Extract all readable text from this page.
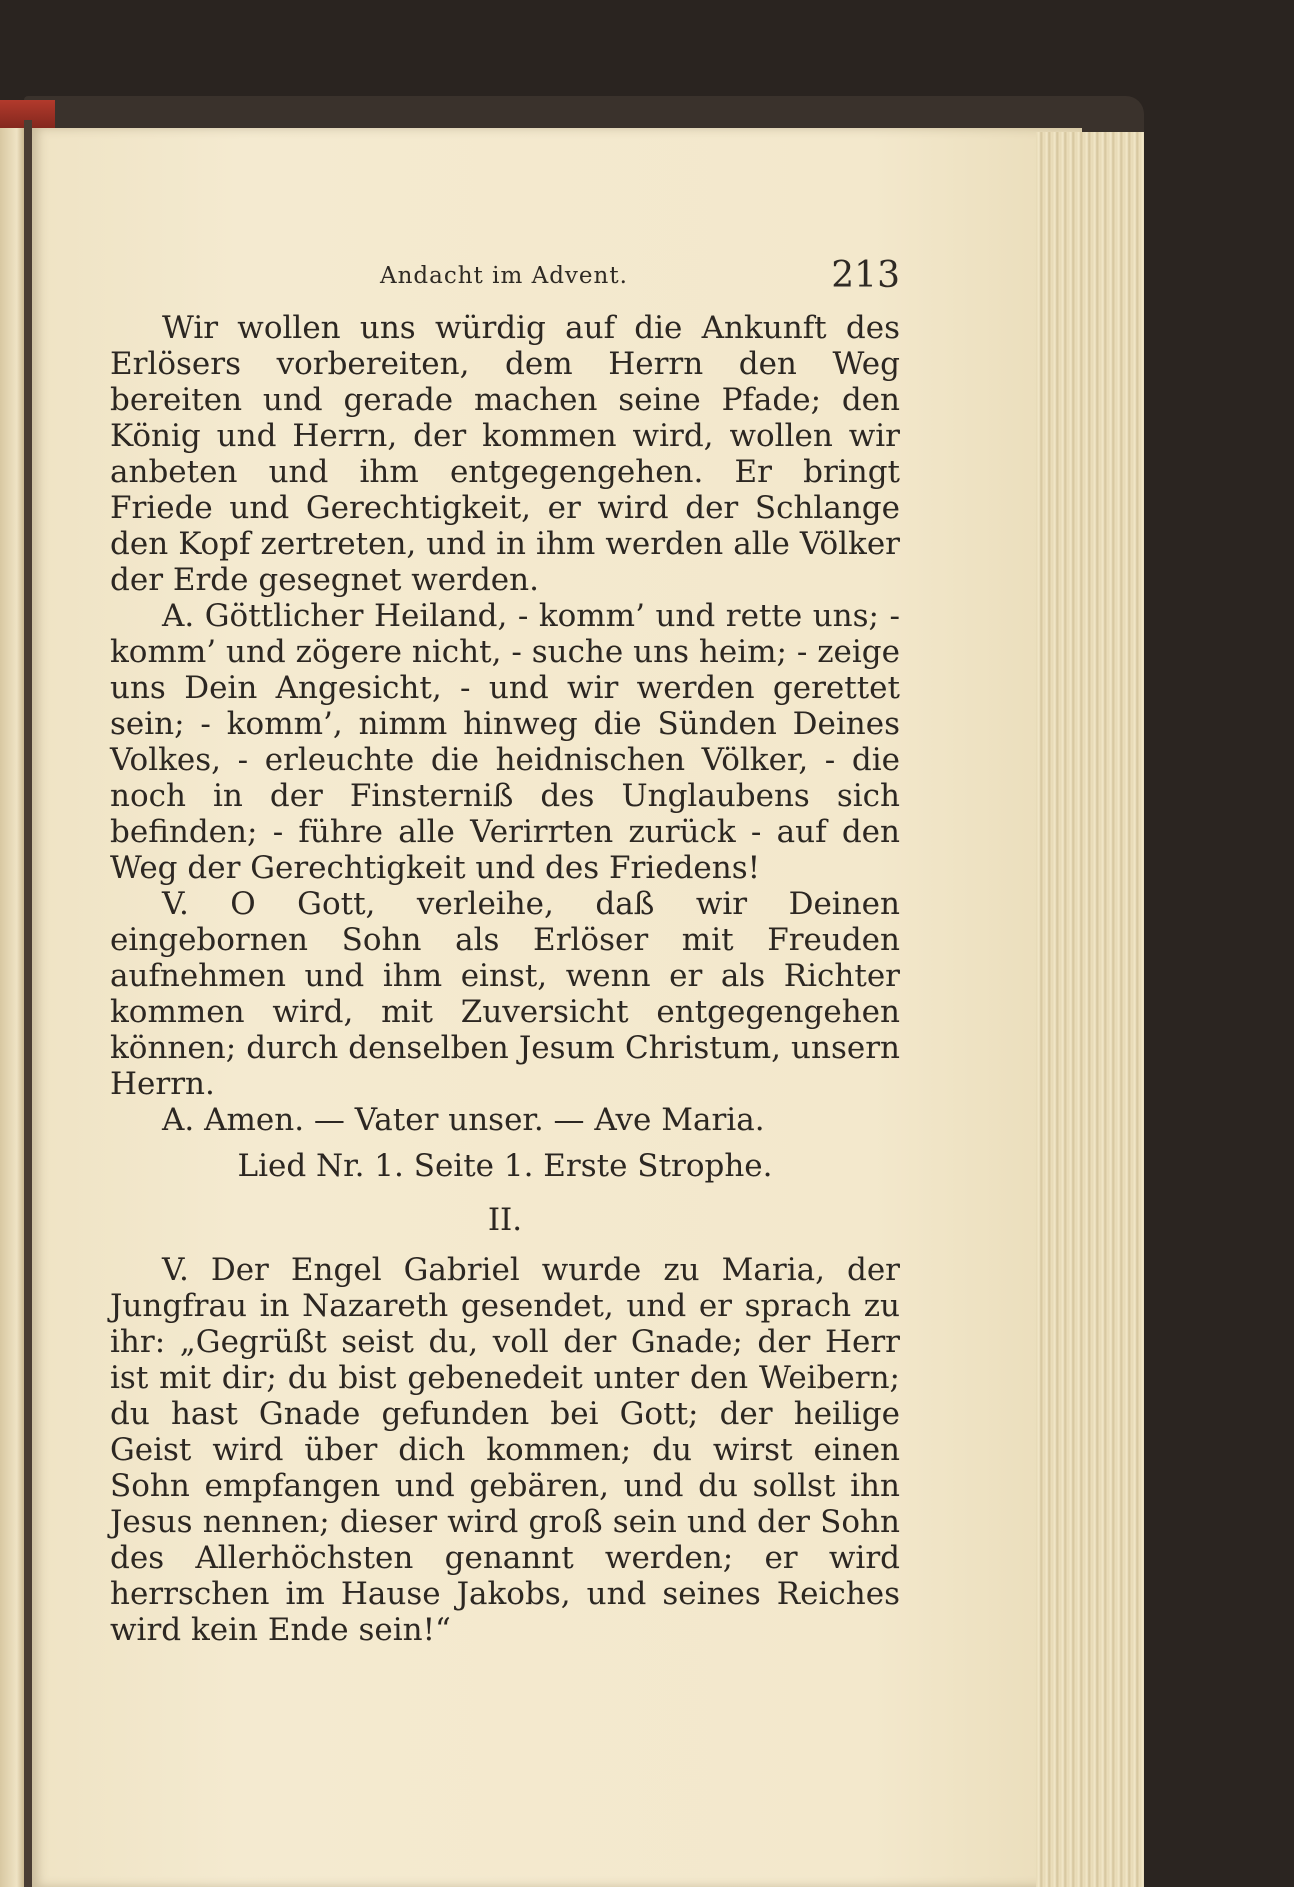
Andacht im Advent.	213

Wir wollen uns würdig auf die Ankunft des Erlösers vorbereiten, dem Herrn den Weg bereiten und gerade machen seine Pfade; den König und Herrn, der kommen wird, wollen wir anbeten und ihm entgegengehen. Er bringt Friede und Gerechtigkeit, er wird der Schlange den Kopf zertreten, und in ihm werden alle Völker der Erde gesegnet werden.

A. Göttlicher Heiland, - komm’ und rette uns; - komm’ und zögere nicht, - suche uns heim; - zeige uns Dein Angesicht, - und wir werden gerettet sein; - komm’, nimm hinweg die Sünden Deines Volkes, - erleuchte die heidnischen Völker, - die noch in der Finsterniß des Unglaubens sich befinden; - führe alle Verirrten zurück - auf den Weg der Gerechtigkeit und des Friedens!

V. O Gott, verleihe, daß wir Deinen eingebornen Sohn als Erlöser mit Freuden aufnehmen und ihm einst, wenn er als Richter kommen wird, mit Zuversicht entgegengehen können; durch denselben Jesum Christum, unsern Herrn.

A. Amen. — Vater unser. — Ave Maria.

Lied Nr. 1. Seite 1. Erste Strophe.

II.

V. Der Engel Gabriel wurde zu Maria, der Jungfrau in Nazareth gesendet, und er sprach zu ihr: „Gegrüßt seist du, voll der Gnade; der Herr ist mit dir; du bist gebenedeit unter den Weibern; du hast Gnade gefunden bei Gott; der heilige Geist wird über dich kommen; du wirst einen Sohn empfangen und gebären, und du sollst ihn Jesus nennen; dieser wird groß sein und der Sohn des Allerhöchsten genannt werden; er wird herrschen im Hause Jakobs, und seines Reiches wird kein Ende sein!“
